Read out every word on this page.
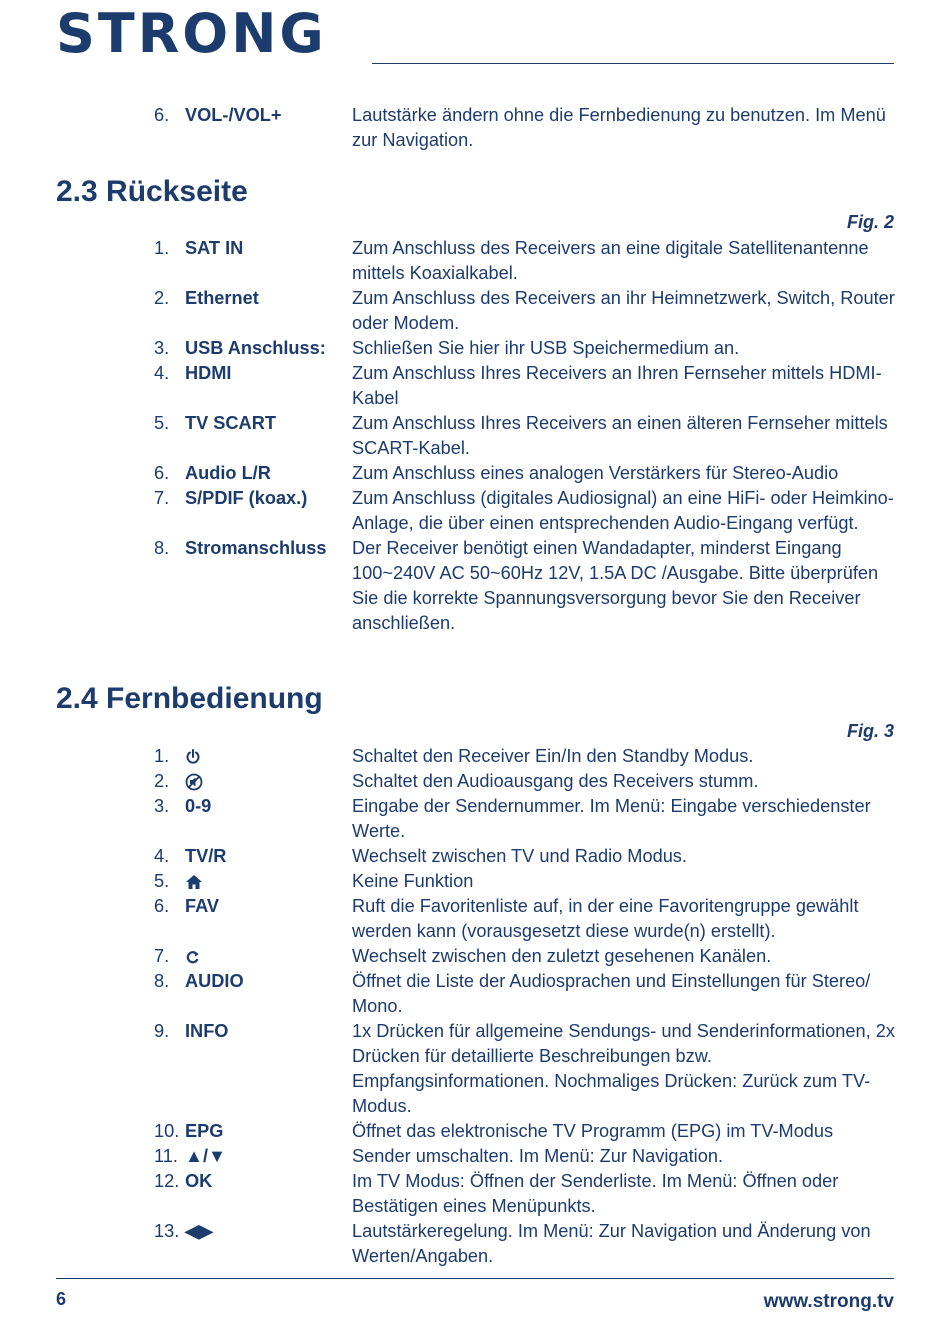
STRONG
6. VOL-/VOL+	Lautstärke ändern ohne die Fernbedienung zu benutzen. Im Menü zur Navigation.
2.3 Rückseite
Fig. 2
1. SAT IN	Zum Anschluss des Receivers an eine digitale Satellitenantenne mittels Koaxialkabel.
2. Ethernet	Zum Anschluss des Receivers an ihr Heimnetzwerk, Switch, Router oder Modem.
3. USB Anschluss:	Schließen Sie hier ihr USB Speichermedium an.
4. HDMI	Zum Anschluss Ihres Receivers an Ihren Fernseher mittels HDMI-Kabel
5. TV SCART	Zum Anschluss Ihres Receivers an einen älteren Fernseher mittels SCART-Kabel.
6. Audio L/R	Zum Anschluss eines analogen Verstärkers für Stereo-Audio
7. S/PDIF (koax.)	Zum Anschluss (digitales Audiosignal) an eine HiFi- oder Heimkino-Anlage, die über einen entsprechenden Audio-Eingang verfügt.
8. Stromanschluss	Der Receiver benötigt einen Wandadapter, minderst Eingang 100~240V AC 50~60Hz 12V, 1.5A DC /Ausgabe. Bitte überprüfen Sie die korrekte Spannungsversorgung bevor Sie den Receiver anschließen.
2.4 Fernbedienung
Fig. 3
1.	Schaltet den Receiver Ein/In den Standby Modus.
2.	Schaltet den Audioausgang des Receivers stumm.
3. 0-9	Eingabe der Sendernummer. Im Menü: Eingabe verschiedenster Werte.
4. TV/R	Wechselt zwischen TV und Radio Modus.
5.	Keine Funktion
6. FAV	Ruft die Favoritenliste auf, in der eine Favoritengruppe gewählt werden kann (vorausgesetzt diese wurde(n) erstellt).
7.	Wechselt zwischen den zuletzt gesehenen Kanälen.
8. AUDIO	Öffnet die Liste der Audiosprachen und Einstellungen für Stereo/ Mono.
9. INFO	1x Drücken für allgemeine Sendungs- und Senderinformationen, 2x Drücken für detaillierte Beschreibungen bzw. Empfangsinformationen. Nochmaliges Drücken: Zurück zum TV-Modus.
10. EPG	Öffnet das elektronische TV Programm (EPG) im TV-Modus
11. ▲/▼	Sender umschalten. Im Menü: Zur Navigation.
12. OK	Im TV Modus: Öffnen der Senderliste. Im Menü: Öffnen oder Bestätigen eines Menüpunkts.
13. ◀▶	Lautstärkeregelung. Im Menü: Zur Navigation und Änderung von Werten/Angaben.
6	www.strong.tv
